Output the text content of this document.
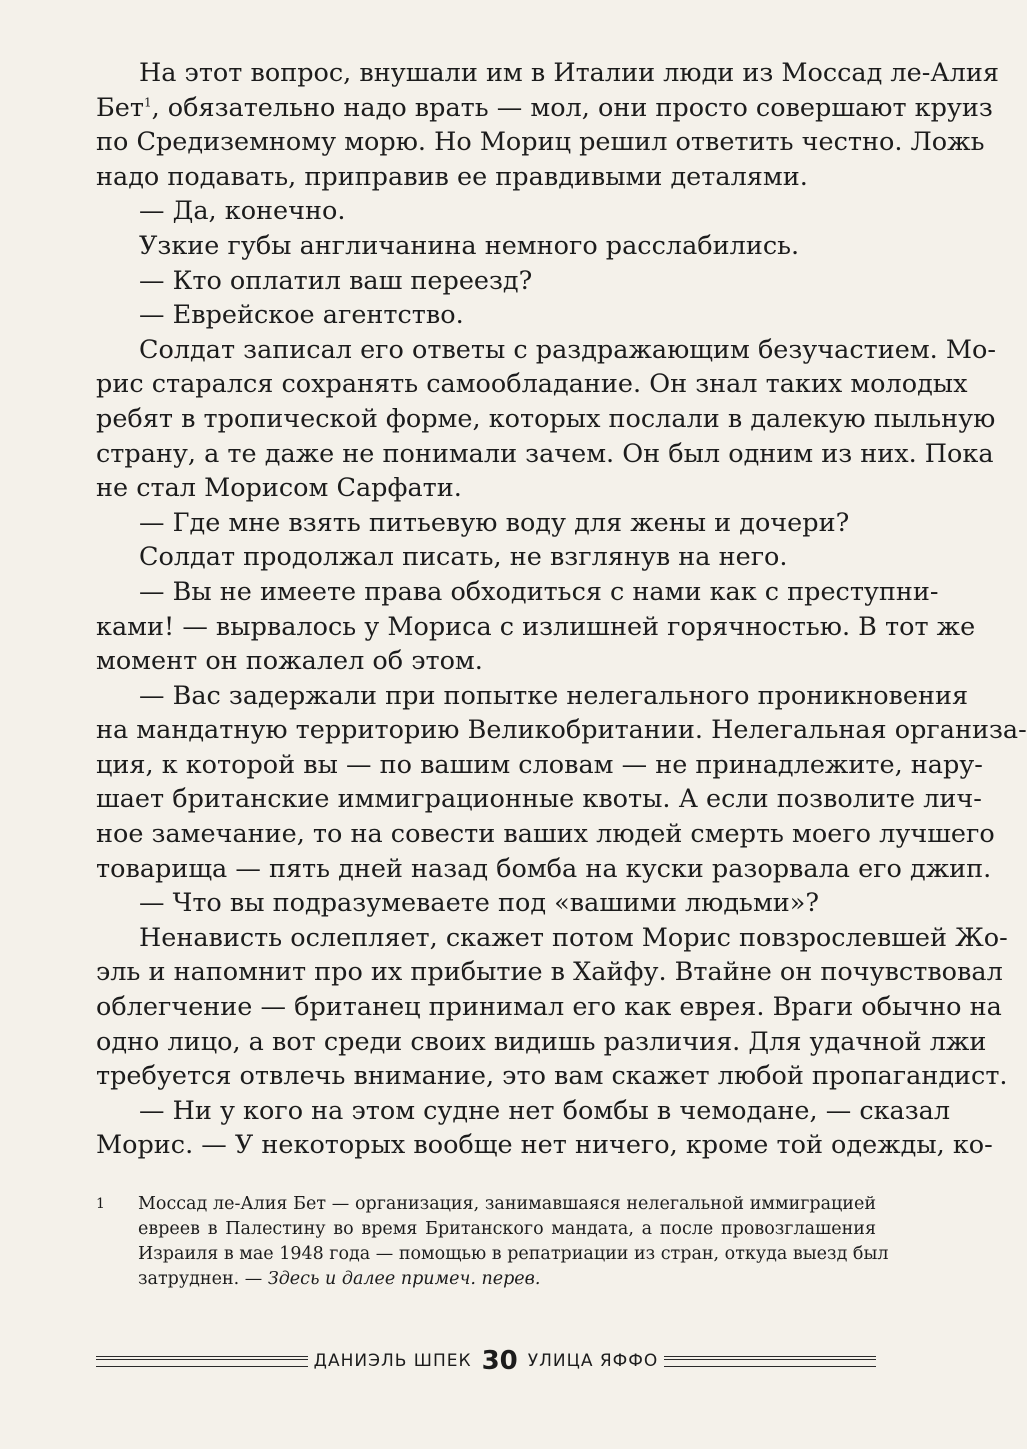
На этот вопрос, внушали им в Италии люди из Моссад ле-Алия
Бет$^1$, обязательно надо врать — мол, они просто совершают круиз
по Средиземному морю. Но Мориц решил ответить честно. Ложь
надо подавать, приправив ее правдивыми деталями.
— Да, конечно.
Узкие губы англичанина немного расслабились.
— Кто оплатил ваш переезд?
— Еврейское агентство.
Солдат записал его ответы с раздражающим безучастием. Мо-
рис старался сохранять самообладание. Он знал таких молодых
ребят в тропической форме, которых послали в далекую пыльную
страну, а те даже не понимали зачем. Он был одним из них. Пока
не стал Морисом Сарфати.
— Где мне взять питьевую воду для жены и дочери?
Солдат продолжал писать, не взглянув на него.
— Вы не имеете права обходиться с нами как с преступни-
ками! — вырвалось у Мориса с излишней горячностью. В тот же
момент он пожалел об этом.
— Вас задержали при попытке нелегального проникновения
на мандатную территорию Великобритании. Нелегальная организа-
ция, к которой вы — по вашим словам — не принадлежите, нару-
шает британские иммиграционные квоты. А если позволите лич-
ное замечание, то на совести ваших людей смерть моего лучшего
товарища — пять дней назад бомба на куски разорвала его джип.
— Что вы подразумеваете под «вашими людьми»?
Ненависть ослепляет, скажет потом Морис повзрослевшей Жо-
эль и напомнит про их прибытие в Хайфу. Втайне он почувствовал
облегчение — британец принимал его как еврея. Враги обычно на
одно лицо, а вот среди своих видишь различия. Для удачной лжи
требуется отвлечь внимание, это вам скажет любой пропагандист.
— Ни у кого на этом судне нет бомбы в чемодане, — сказал
Морис. — У некоторых вообще нет ничего, кроме той одежды, ко-
1	Моссад ле-Алия Бет — организация, занимавшаяся нелегальной иммиграцией
евреев в Палестину во время Британского мандата, а после провозглашения
Израиля в мае 1948 года — помощью в репатриации из стран, откуда выезд был
затруднен. — Здесь и далее примеч. перев.
ДАНИЭЛЬ ШПЕК 30 УЛИЦА ЯФФО
